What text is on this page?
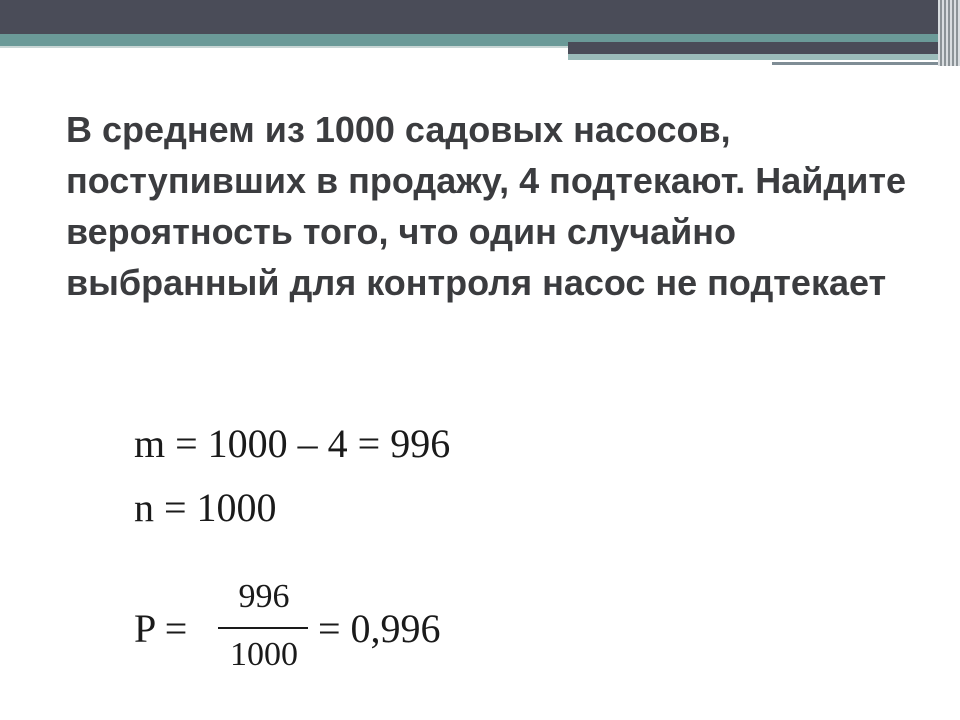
В среднем из 1000 садовых насосов, поступивших в продажу, 4 подтекают. Найдите вероятность того, что один случайно выбранный для контроля насос не подтекает

m = 1000 – 4 = 996
n = 1000
P =
996
1000
= 0,996
